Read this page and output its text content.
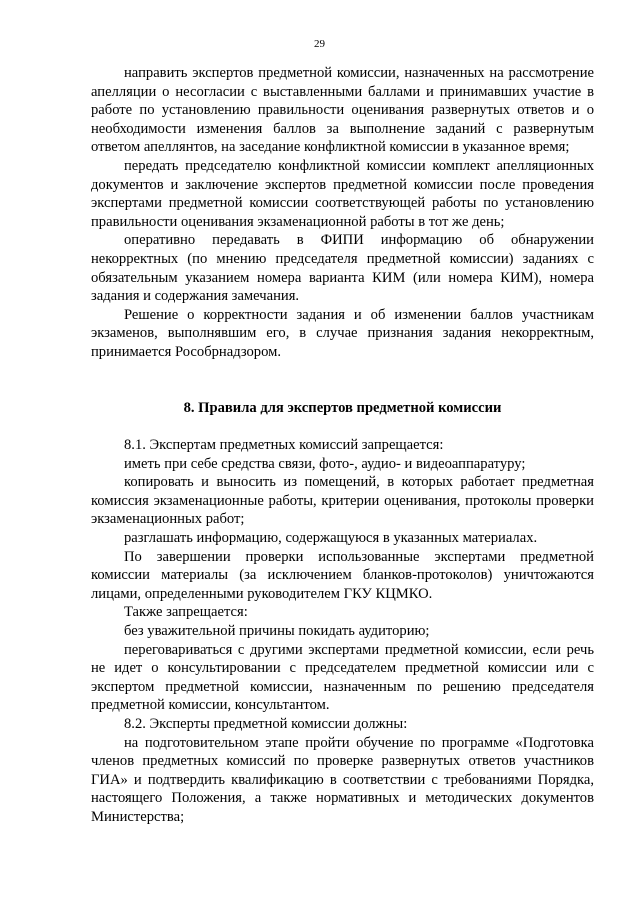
29

направить экспертов предметной комиссии, назначенных на рассмотрение апелляции о несогласии с выставленными баллами и принимавших участие в работе по установлению правильности оценивания развернутых ответов и о необходимости изменения баллов за выполнение заданий с развернутым ответом апеллянтов, на заседание конфликтной комиссии в указанное время;

передать председателю конфликтной комиссии комплект апелляционных документов и заключение экспертов предметной комиссии после проведения экспертами предметной комиссии соответствующей работы по установлению правильности оценивания экзаменационной работы в тот же день;

оперативно передавать в ФИПИ информацию об обнаружении некорректных (по мнению председателя предметной комиссии) заданиях с обязательным указанием номера варианта КИМ (или номера КИМ), номера задания и содержания замечания.

Решение о корректности задания и об изменении баллов участникам экзаменов, выполнявшим его, в случае признания задания некорректным, принимается Рособрнадзором.

8. Правила для экспертов предметной комиссии

8.1. Экспертам предметных комиссий запрещается:

иметь при себе средства связи, фото-, аудио- и видеоаппаратуру;

копировать и выносить из помещений, в которых работает предметная комиссия экзаменационные работы, критерии оценивания, протоколы проверки экзаменационных работ;

разглашать информацию, содержащуюся в указанных материалах.

По завершении проверки использованные экспертами предметной комиссии материалы (за исключением бланков-протоколов) уничтожаются лицами, определенными руководителем ГКУ КЦМКО.

Также запрещается:

без уважительной причины покидать аудиторию;

переговариваться с другими экспертами предметной комиссии, если речь не идет о консультировании с председателем предметной комиссии или с экспертом предметной комиссии, назначенным по решению председателя предметной комиссии, консультантом.

8.2. Эксперты предметной комиссии должны:

на подготовительном этапе пройти обучение по программе «Подготовка членов предметных комиссий по проверке развернутых ответов участников ГИА» и подтвердить квалификацию в соответствии с требованиями Порядка, настоящего Положения, а также нормативных и методических документов Министерства;
